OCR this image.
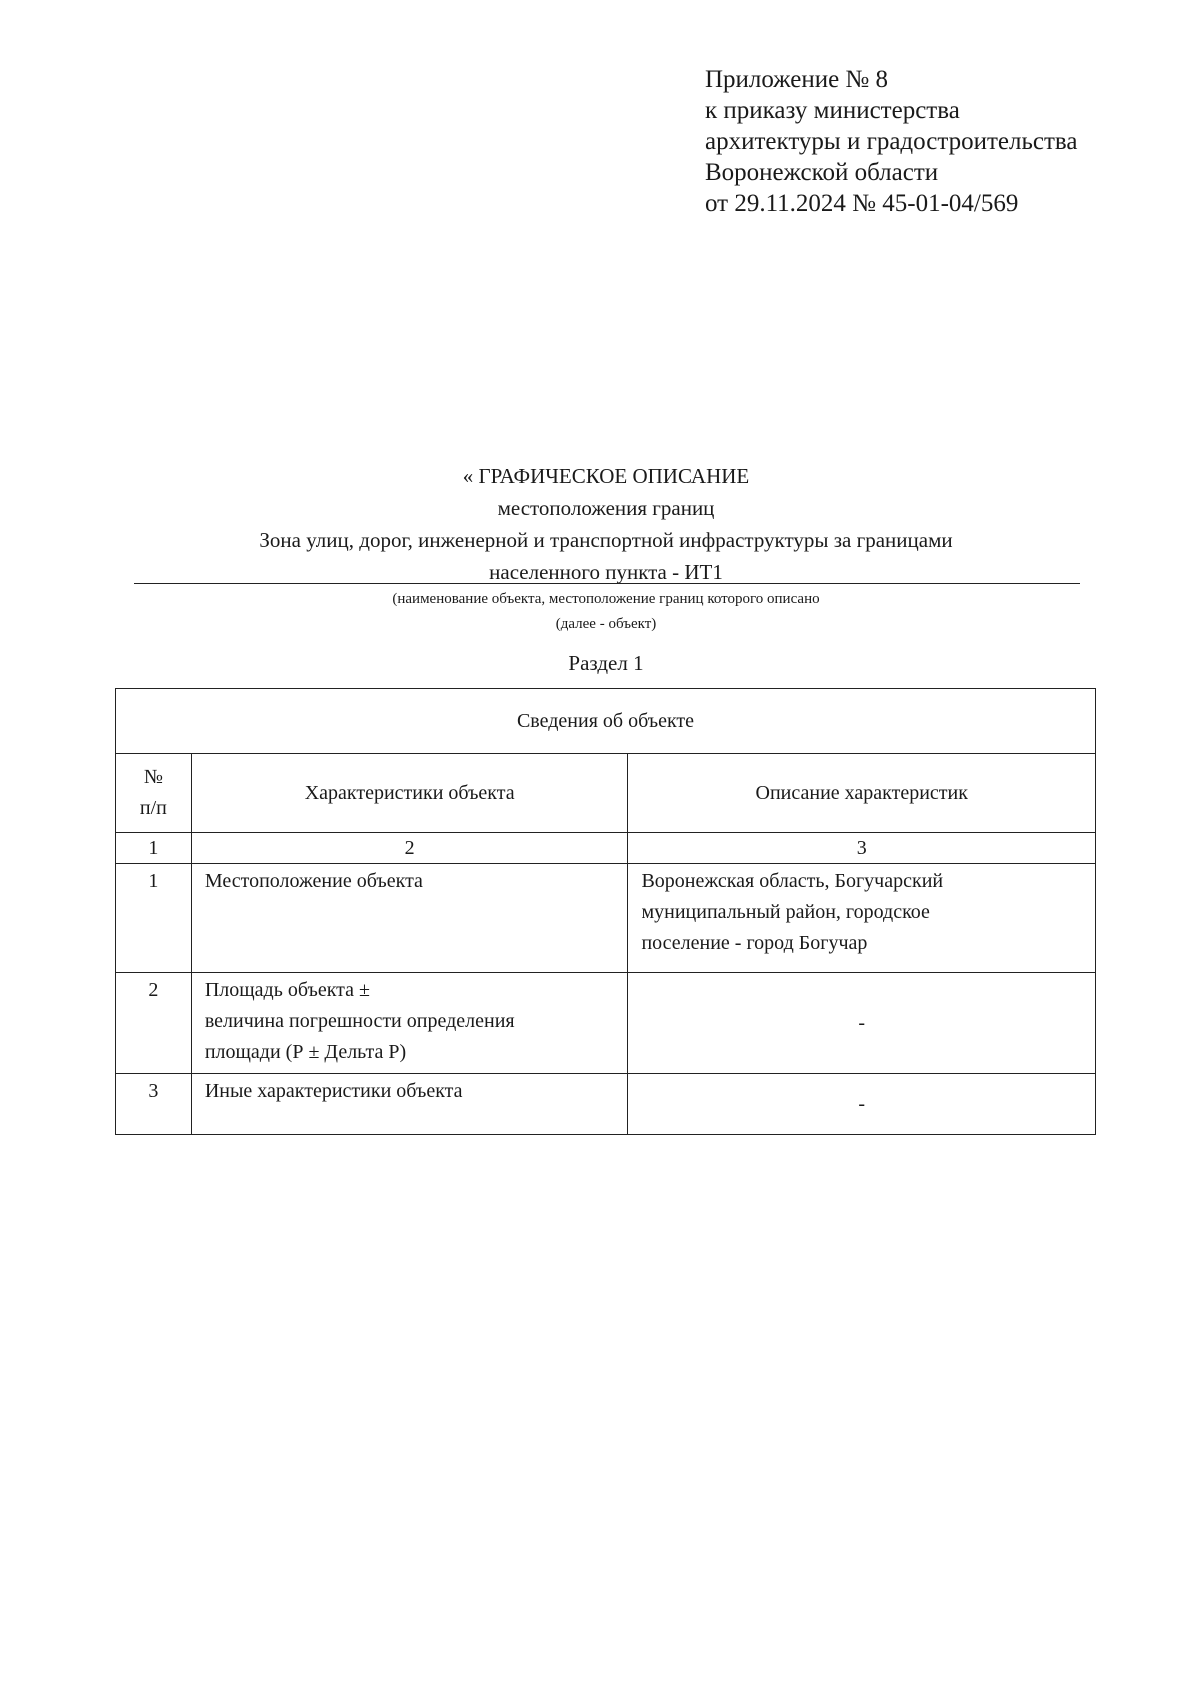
Приложение № 8
к приказу министерства
архитектуры и градостроительства
Воронежской области
от 29.11.2024 № 45-01-04/569
« ГРАФИЧЕСКОЕ ОПИСАНИЕ
местоположения границ
Зона улиц, дорог, инженерной и транспортной инфраструктуры за границами
населенного пункта - ИТ1
(наименование объекта, местоположение границ которого описано
(далее - объект)
Раздел 1
Сведения об объекте		

№
п/п	Характеристики объекта	Описание характеристик
1	2	3
1	Местоположение объекта	Воронежская область, Богучарский
муниципальный район, городское
поселение - город Богучар

2	Площадь объекта ±
величина погрешности определения
площади (Р ± Дельта Р)	-
3	Иные характеристики объекта	-
